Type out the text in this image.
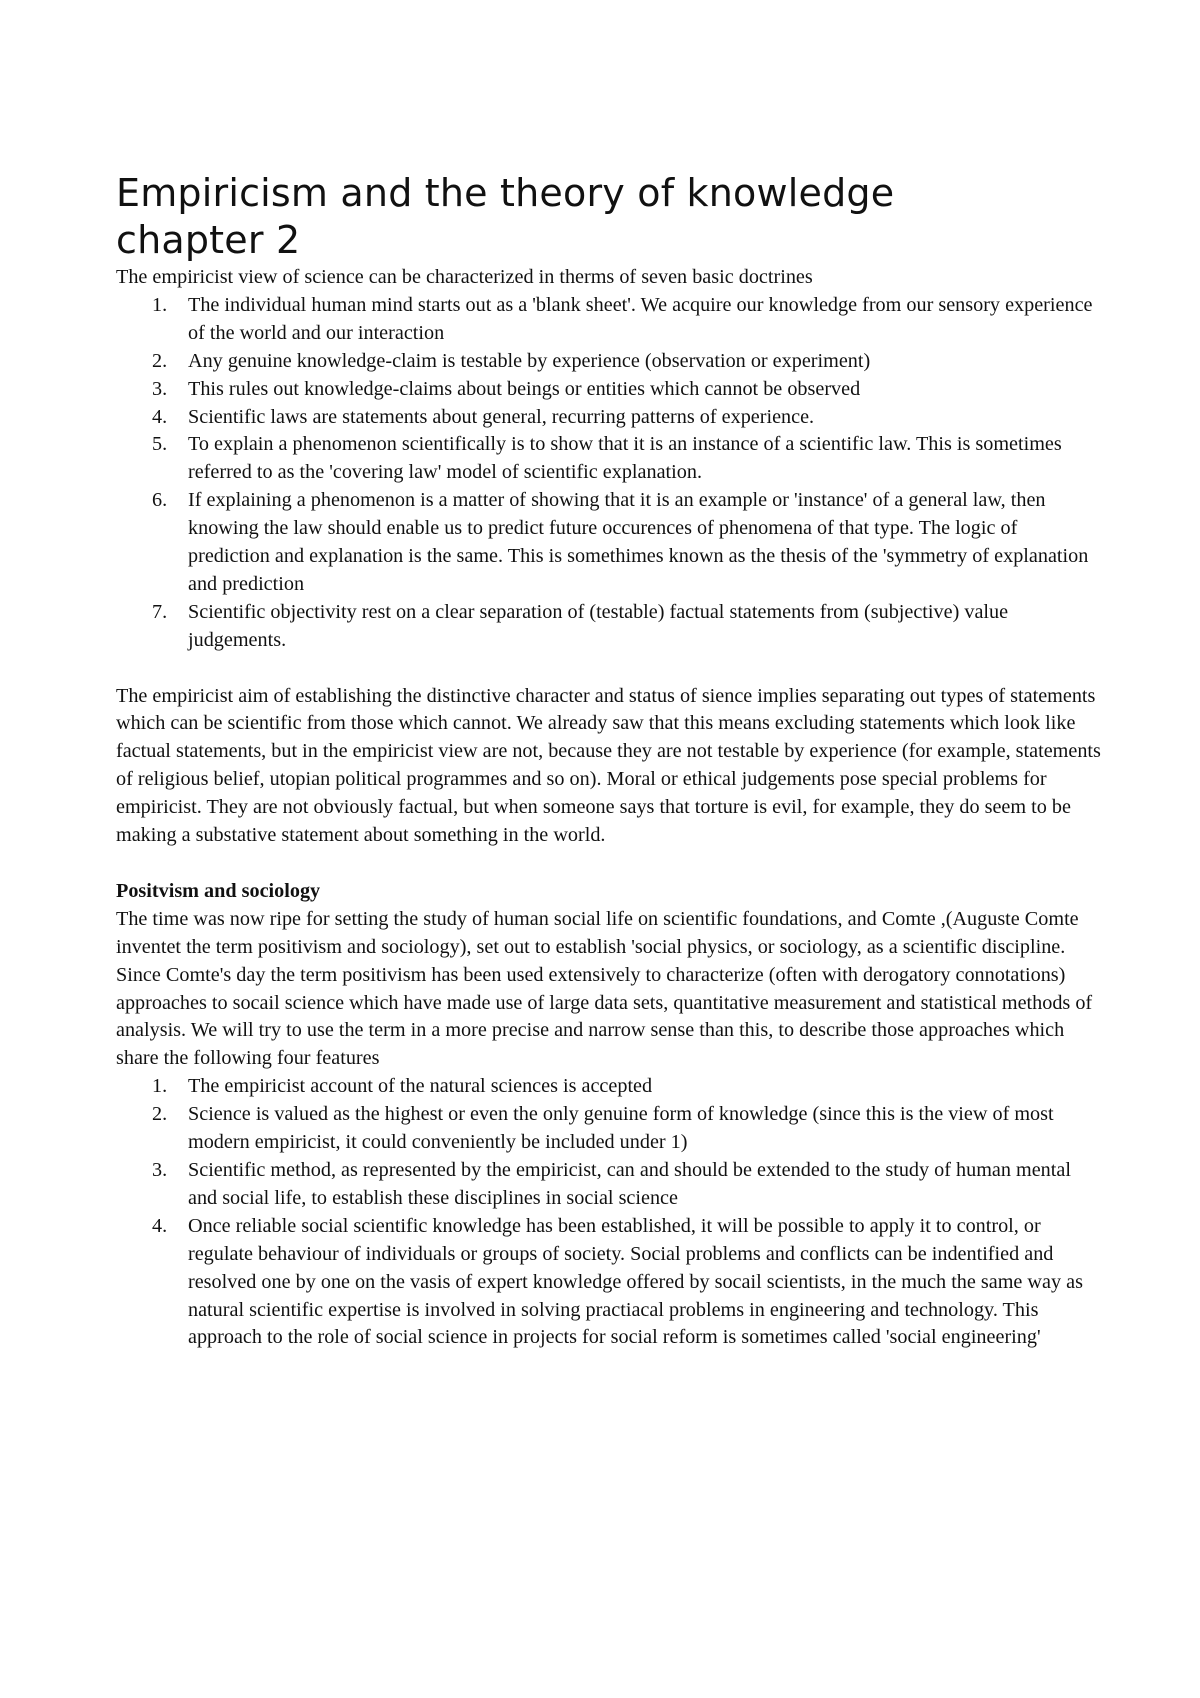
Empiricism and the theory of knowledge
chapter 2

The empiricist view of science can be characterized in therms of seven basic doctrines

1.	The individual human mind starts out as a 'blank sheet'. We acquire our knowledge from our sensory experience of the world and our interaction
2.	Any genuine knowledge-claim is testable by experience (observation or experiment)
3.	This rules out knowledge-claims about beings or entities which cannot be observed
4.	Scientific laws are statements about general, recurring patterns of experience.
5.	To explain a phenomenon scientifically is to show that it is an instance of a scientific law. This is sometimes referred to as the 'covering law' model of scientific explanation.
6.	If explaining a phenomenon is a matter of showing that it is an example or 'instance' of a general law, then knowing the law should enable us to predict future occurences of phenomena of that type. The logic of prediction and explanation is the same. This is somethimes known as the thesis of the 'symmetry of explanation and prediction
7.	Scientific objectivity rest on a clear separation of (testable) factual statements from (subjective) value judgements.

The empiricist aim of establishing the distinctive character and status of sience implies separating out types of statements which can be scientific from those which cannot. We already saw that this means excluding statements which look like factual statements, but in the empiricist view are not, because they are not testable by experience (for example, statements of religious belief, utopian political programmes and so on). Moral or ethical judgements pose special problems for empiricist. They are not obviously factual, but when someone says that torture is evil, for example, they do seem to be making a substative statement about something in the world.

Positvism and sociology

The time was now ripe for setting the study of human social life on scientific foundations, and Comte ,(Auguste Comte inventet the term positivism and sociology), set out to establish 'social physics, or sociology, as a scientific discipline. Since Comte's day the term positivism has been used extensively to characterize (often with derogatory connotations) approaches to socail science which have made use of large data sets, quantitative measurement and statistical methods of analysis. We will try to use the term in a more precise and narrow sense than this, to describe those approaches which share the following four features

1.	The empiricist account of the natural sciences is accepted
2.	Science is valued as the highest or even the only genuine form of knowledge (since this is the view of most modern empiricist, it could conveniently be included under 1)
3.	Scientific method, as represented by the empiricist, can and should be extended to the study of human mental and social life, to establish these disciplines in social science
4.	Once reliable social scientific knowledge has been established, it will be possible to apply it to control, or regulate behaviour of individuals or groups of society. Social problems and conflicts can be indentified and resolved one by one on the vasis of expert knowledge offered by socail scientists, in the much the same way as natural scientific expertise is involved in solving practiacal problems in engineering and technology. This approach to the role of social science in projects for social reform is sometimes called 'social engineering'
